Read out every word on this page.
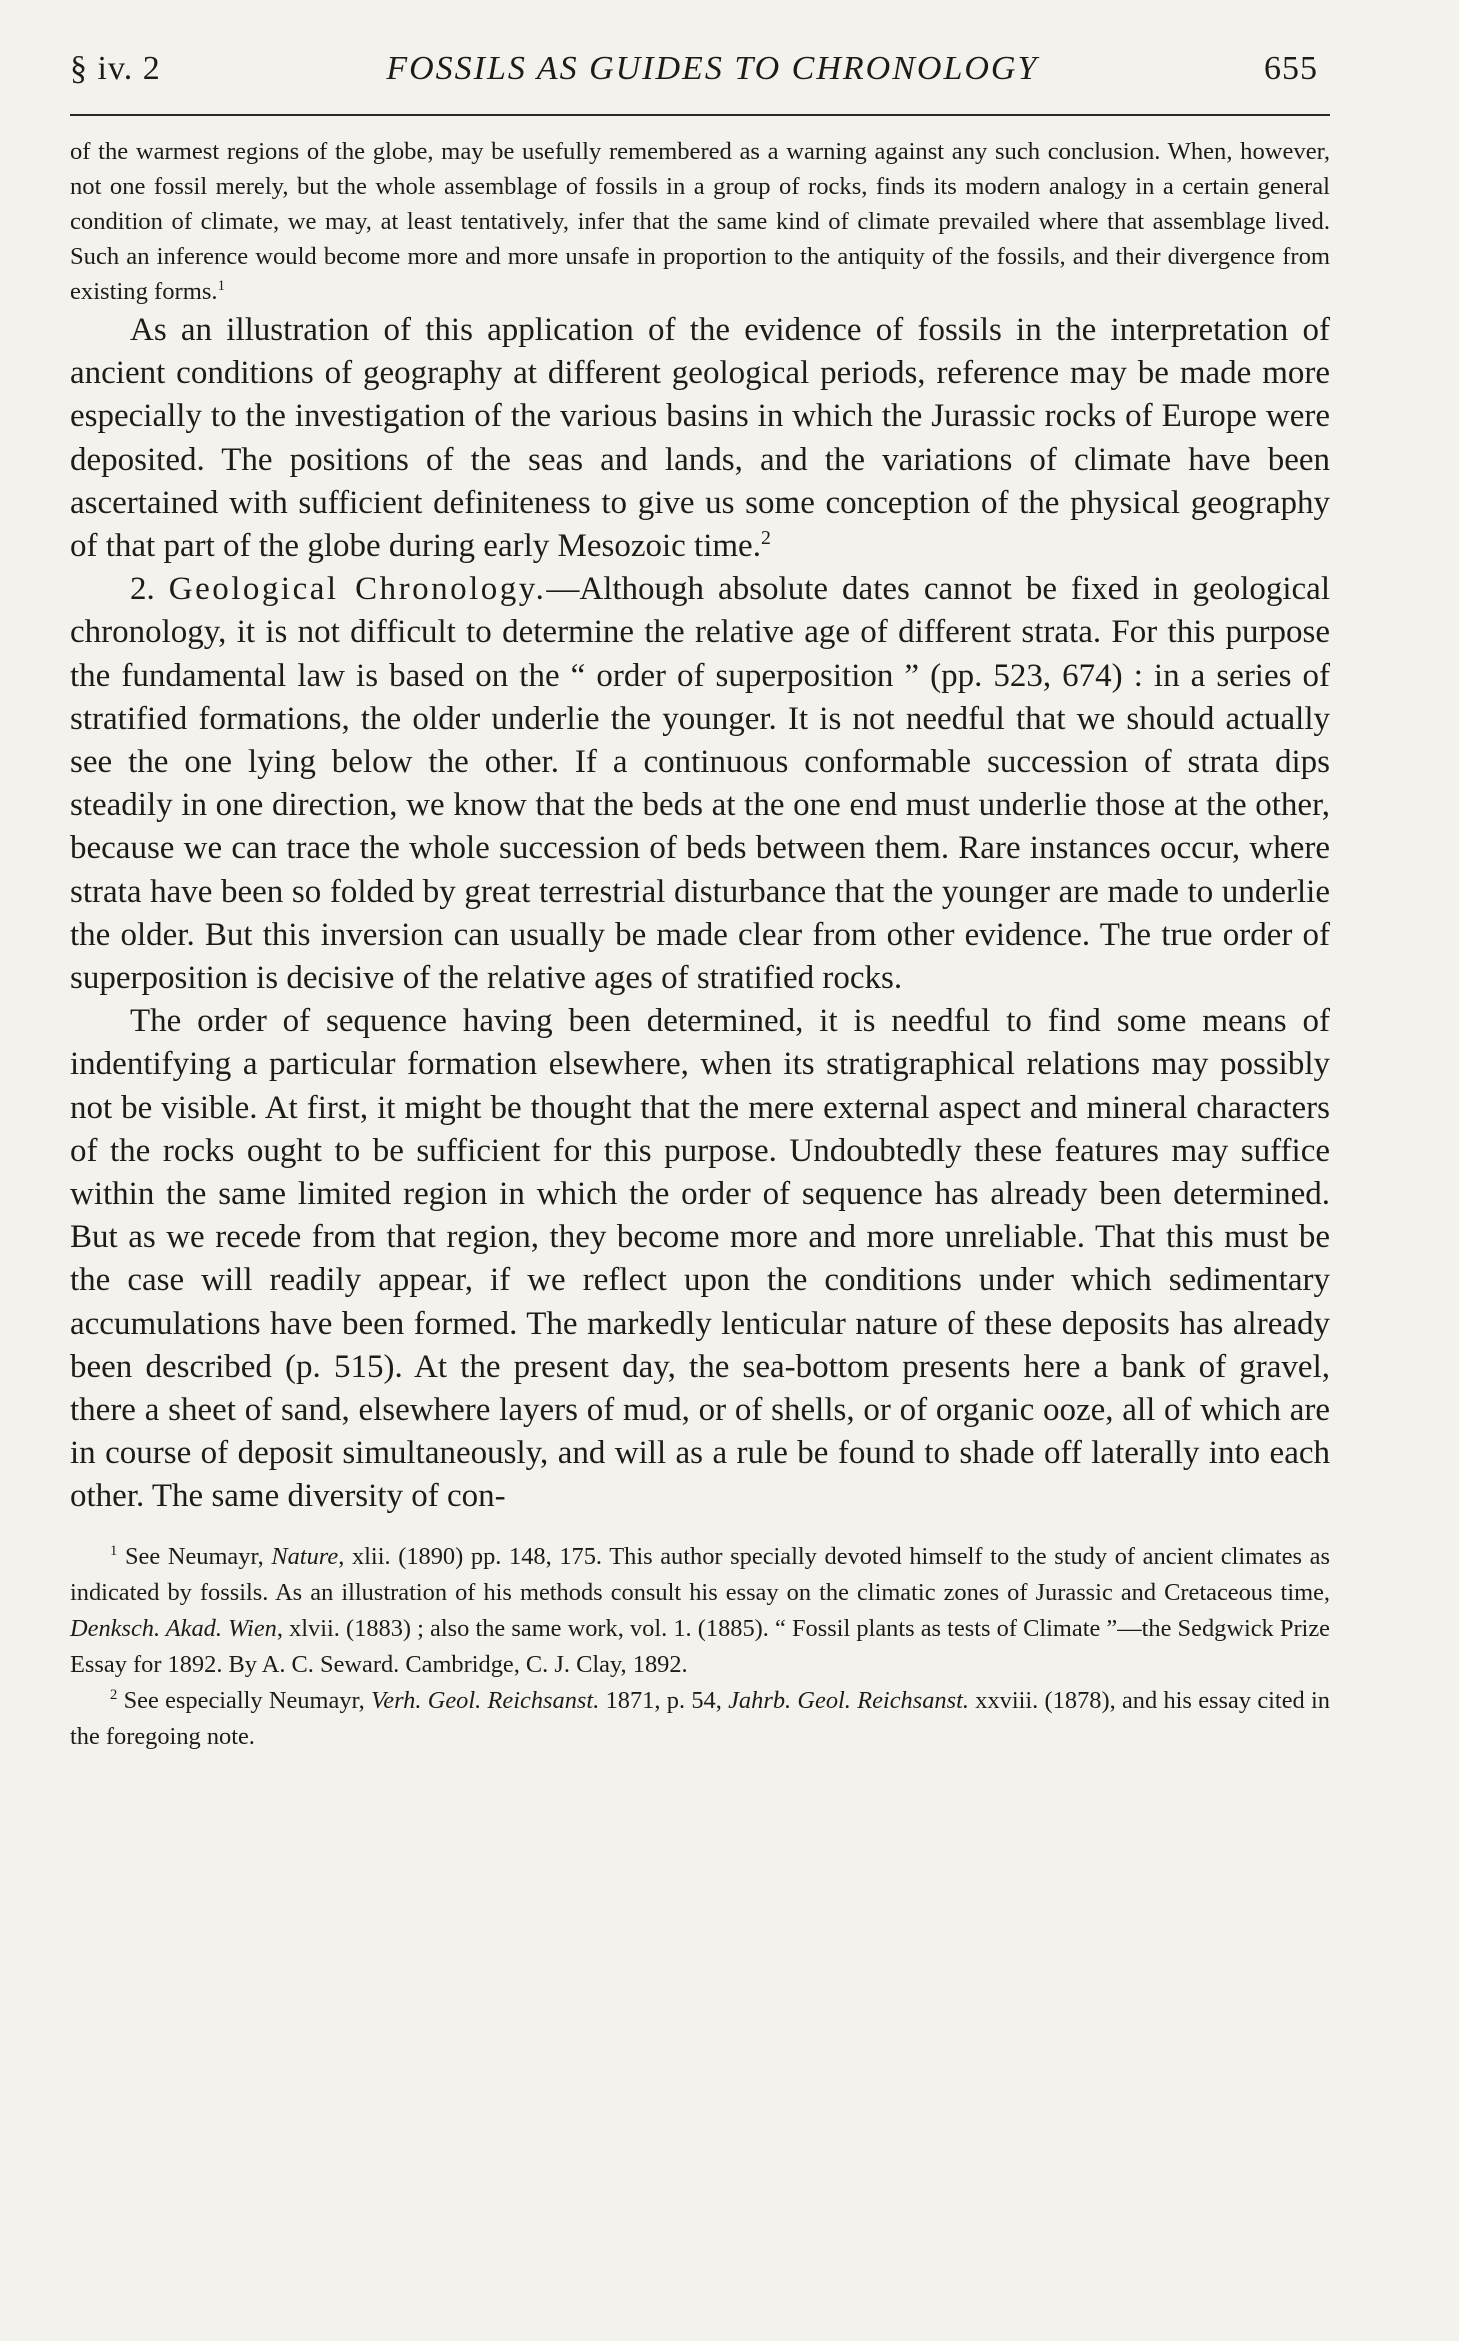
§ iv. 2	FOSSILS AS GUIDES TO CHRONOLOGY	655

of the warmest regions of the globe, may be usefully remembered as a warning against any such conclusion. When, however, not one fossil merely, but the whole assemblage of fossils in a group of rocks, finds its modern analogy in a certain general condition of climate, we may, at least tentatively, infer that the same kind of climate prevailed where that assemblage lived. Such an inference would become more and more unsafe in proportion to the antiquity of the fossils, and their divergence from existing forms.$^1$

As an illustration of this application of the evidence of fossils in the interpretation of ancient conditions of geography at different geological periods, reference may be made more especially to the investigation of the various basins in which the Jurassic rocks of Europe were deposited. The positions of the seas and lands, and the variations of climate have been ascertained with sufficient definiteness to give us some conception of the physical geography of that part of the globe during early Mesozoic time.$^2$

2. Geological Chronology.—Although absolute dates cannot be fixed in geological chronology, it is not difficult to determine the relative age of different strata. For this purpose the fundamental law is based on the “ order of superposition ” (pp. 523, 674) : in a series of stratified formations, the older underlie the younger. It is not needful that we should actually see the one lying below the other. If a continuous conformable succession of strata dips steadily in one direction, we know that the beds at the one end must underlie those at the other, because we can trace the whole succession of beds between them. Rare instances occur, where strata have been so folded by great terrestrial disturbance that the younger are made to underlie the older. But this inversion can usually be made clear from other evidence. The true order of superposition is decisive of the relative ages of stratified rocks.

The order of sequence having been determined, it is needful to find some means of indentifying a particular formation elsewhere, when its stratigraphical relations may possibly not be visible. At first, it might be thought that the mere external aspect and mineral characters of the rocks ought to be sufficient for this purpose. Undoubtedly these features may suffice within the same limited region in which the order of sequence has already been determined. But as we recede from that region, they become more and more unreliable. That this must be the case will readily appear, if we reflect upon the conditions under which sedimentary accumulations have been formed. The markedly lenticular nature of these deposits has already been described (p. 515). At the present day, the sea-bottom presents here a bank of gravel, there a sheet of sand, elsewhere layers of mud, or of shells, or of organic ooze, all of which are in course of deposit simultaneously, and will as a rule be found to shade off laterally into each other. The same diversity of con-

$^1$ See Neumayr, Nature, xlii. (1890) pp. 148, 175. This author specially devoted himself to the study of ancient climates as indicated by fossils. As an illustration of his methods consult his essay on the climatic zones of Jurassic and Cretaceous time, Denksch. Akad. Wien, xlvii. (1883) ; also the same work, vol. 1. (1885). “ Fossil plants as tests of Climate ”—the Sedgwick Prize Essay for 1892. By A. C. Seward. Cambridge, C. J. Clay, 1892.

$^2$ See especially Neumayr, Verh. Geol. Reichsanst. 1871, p. 54, Jahrb. Geol. Reichsanst. xxviii. (1878), and his essay cited in the foregoing note.
